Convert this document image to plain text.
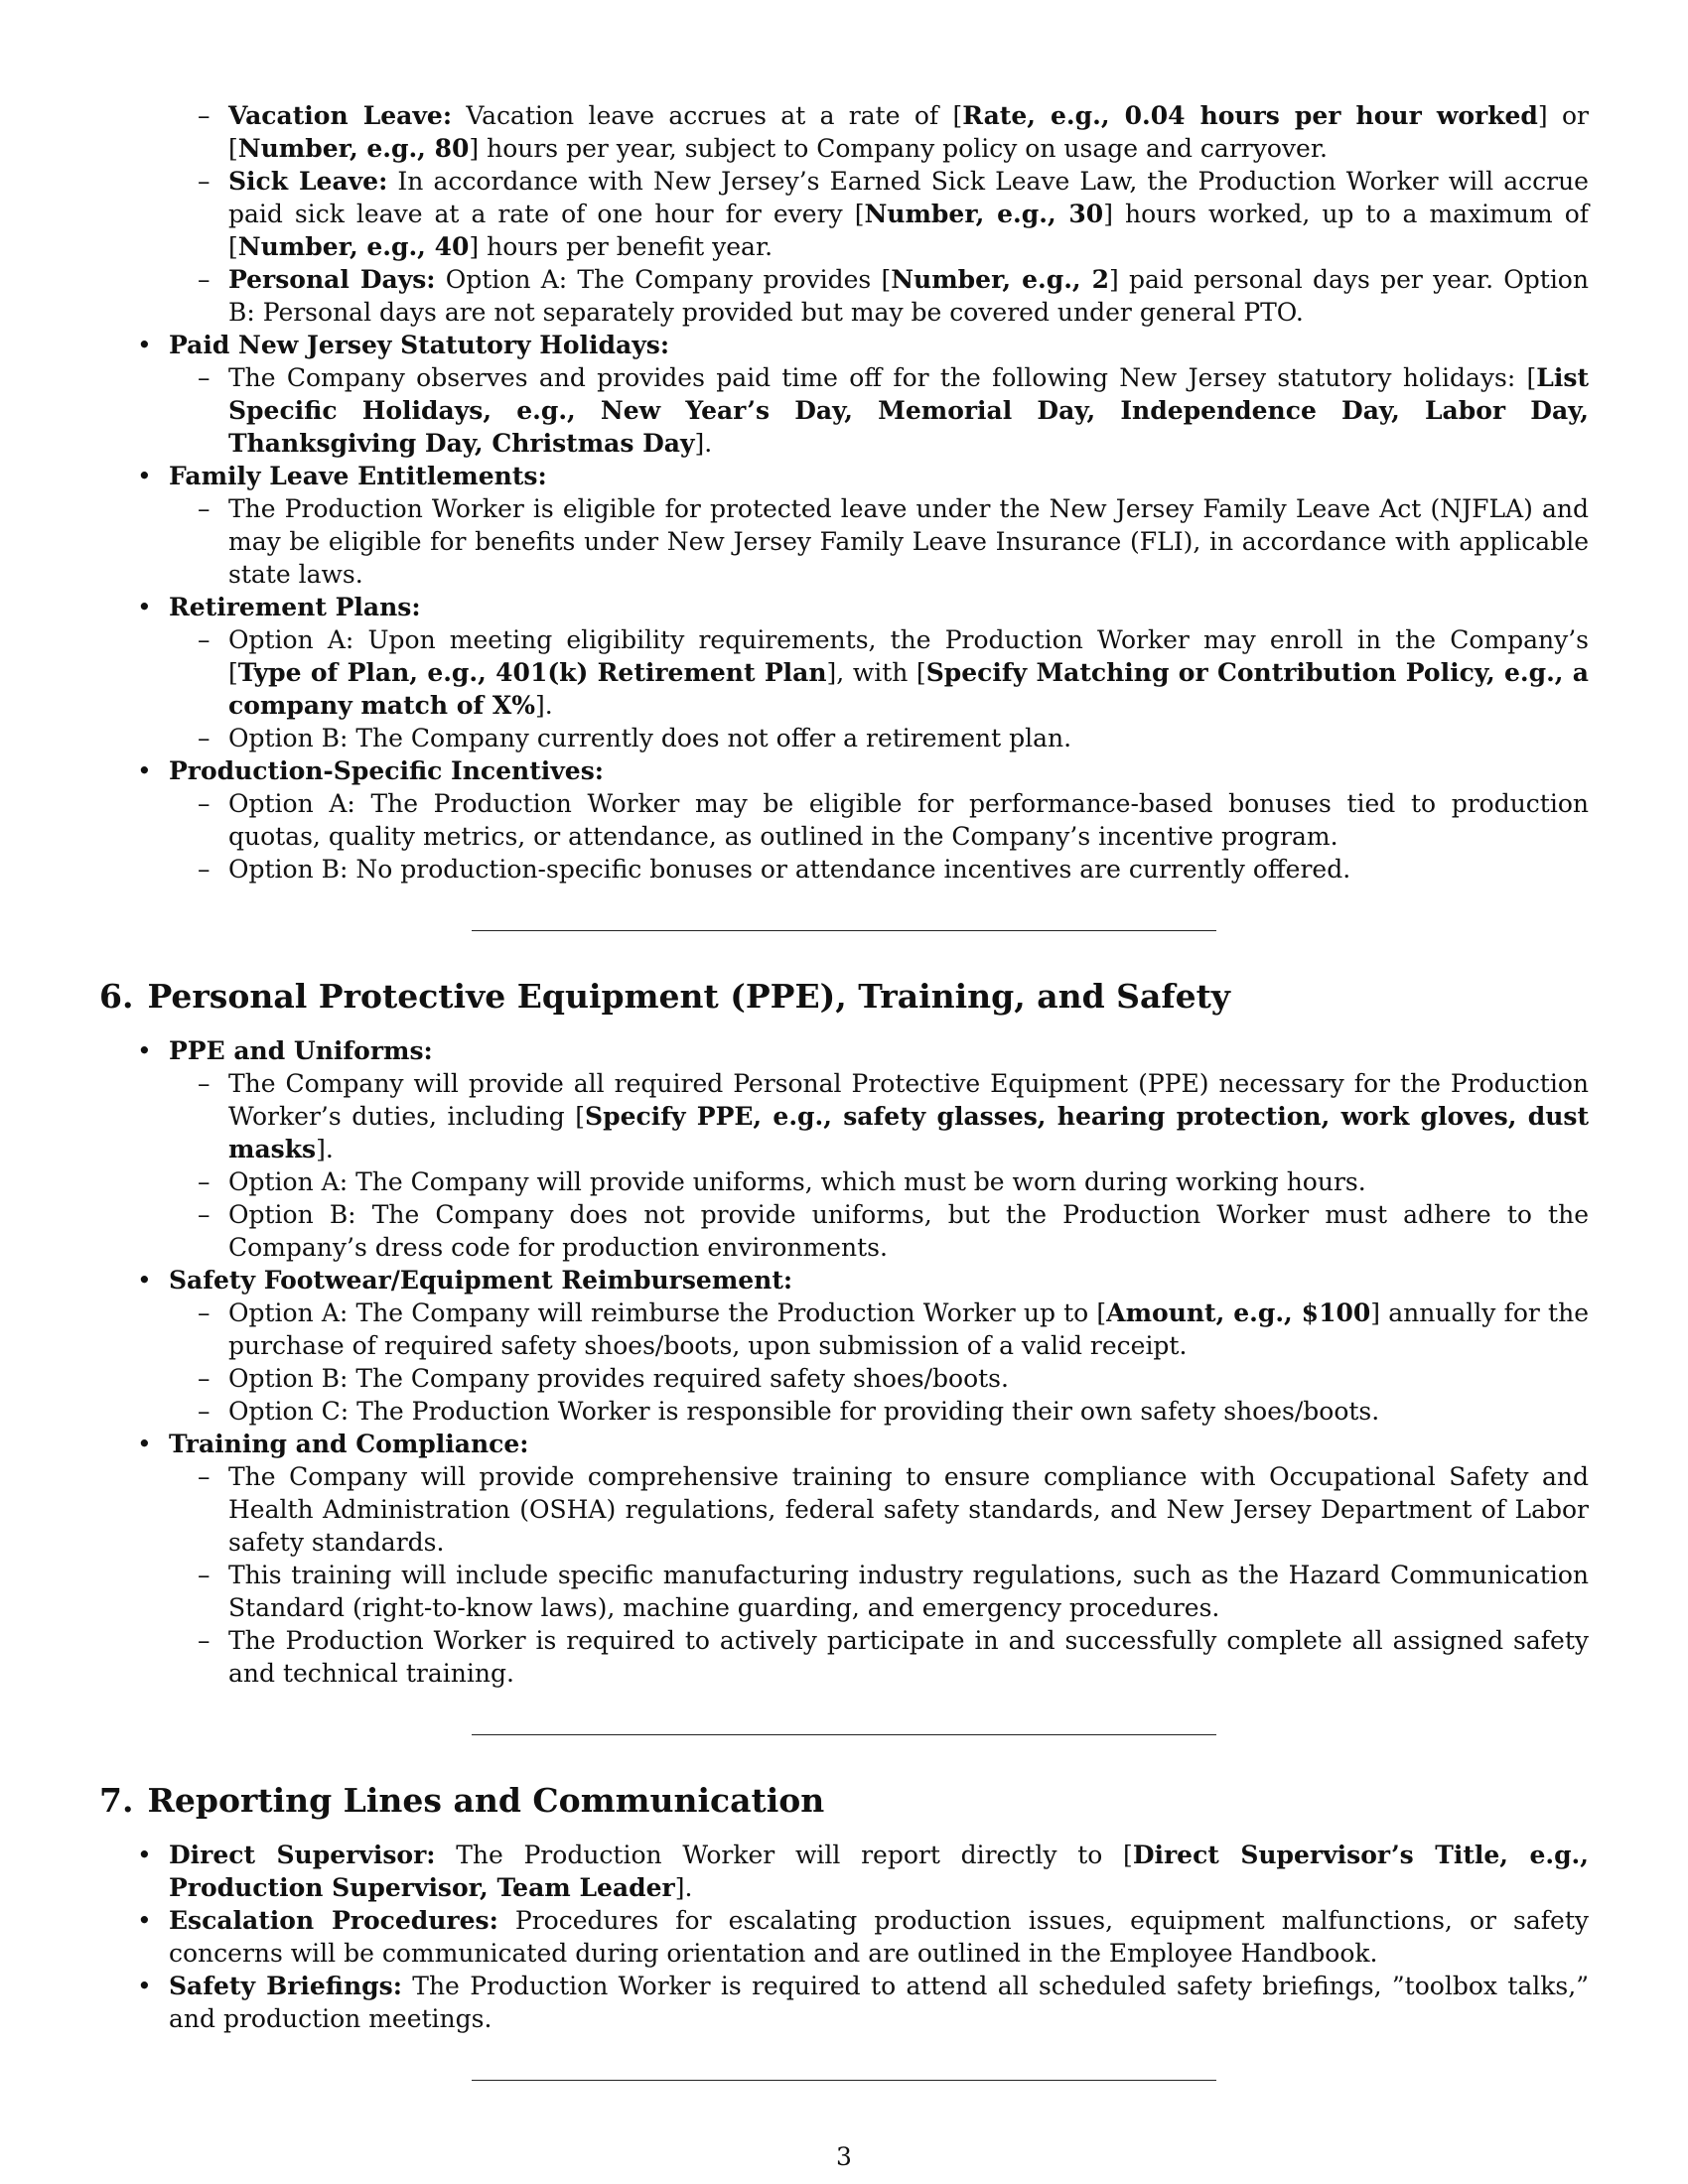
– Vacation Leave: Vacation leave accrues at a rate of [Rate, e.g., 0.04 hours per hour worked] or [Number, e.g., 80] hours per year, subject to Company policy on usage and carryover.
– Sick Leave: In accordance with New Jersey’s Earned Sick Leave Law, the Production Worker will accrue paid sick leave at a rate of one hour for every [Number, e.g., 30] hours worked, up to a maximum of [Number, e.g., 40] hours per benefit year.
– Personal Days: Option A: The Company provides [Number, e.g., 2] paid personal days per year. Option B: Personal days are not separately provided but may be covered under general PTO.
• Paid New Jersey Statutory Holidays:
– The Company observes and provides paid time off for the following New Jersey statutory holidays: [List Specific Holidays, e.g., New Year’s Day, Memorial Day, Independence Day, Labor Day, Thanksgiving Day, Christmas Day].
• Family Leave Entitlements:
– The Production Worker is eligible for protected leave under the New Jersey Family Leave Act (NJFLA) and may be eligible for benefits under New Jersey Family Leave Insurance (FLI), in accordance with applicable state laws.
• Retirement Plans:
– Option A: Upon meeting eligibility requirements, the Production Worker may enroll in the Company’s [Type of Plan, e.g., 401(k) Retirement Plan], with [Specify Matching or Contribution Policy, e.g., a company match of X%].
– Option B: The Company currently does not offer a retirement plan.
• Production-Specific Incentives:
– Option A: The Production Worker may be eligible for performance-based bonuses tied to production quotas, quality metrics, or attendance, as outlined in the Company’s incentive program.
– Option B: No production-specific bonuses or attendance incentives are currently offered.
6. Personal Protective Equipment (PPE), Training, and Safety
• PPE and Uniforms:
– The Company will provide all required Personal Protective Equipment (PPE) necessary for the Production Worker’s duties, including [Specify PPE, e.g., safety glasses, hearing protection, work gloves, dust masks].
– Option A: The Company will provide uniforms, which must be worn during working hours.
– Option B: The Company does not provide uniforms, but the Production Worker must adhere to the Company’s dress code for production environments.
• Safety Footwear/Equipment Reimbursement:
– Option A: The Company will reimburse the Production Worker up to [Amount, e.g., $100] annually for the purchase of required safety shoes/boots, upon submission of a valid receipt.
– Option B: The Company provides required safety shoes/boots.
– Option C: The Production Worker is responsible for providing their own safety shoes/boots.
• Training and Compliance:
– The Company will provide comprehensive training to ensure compliance with Occupational Safety and Health Administration (OSHA) regulations, federal safety standards, and New Jersey Department of Labor safety standards.
– This training will include specific manufacturing industry regulations, such as the Hazard Communication Standard (right-to-know laws), machine guarding, and emergency procedures.
– The Production Worker is required to actively participate in and successfully complete all assigned safety and technical training.
7. Reporting Lines and Communication
• Direct Supervisor: The Production Worker will report directly to [Direct Supervisor’s Title, e.g., Production Supervisor, Team Leader].
• Escalation Procedures: Procedures for escalating production issues, equipment malfunctions, or safety concerns will be communicated during orientation and are outlined in the Employee Handbook.
• Safety Briefings: The Production Worker is required to attend all scheduled safety briefings, ”toolbox talks,” and production meetings.
3
